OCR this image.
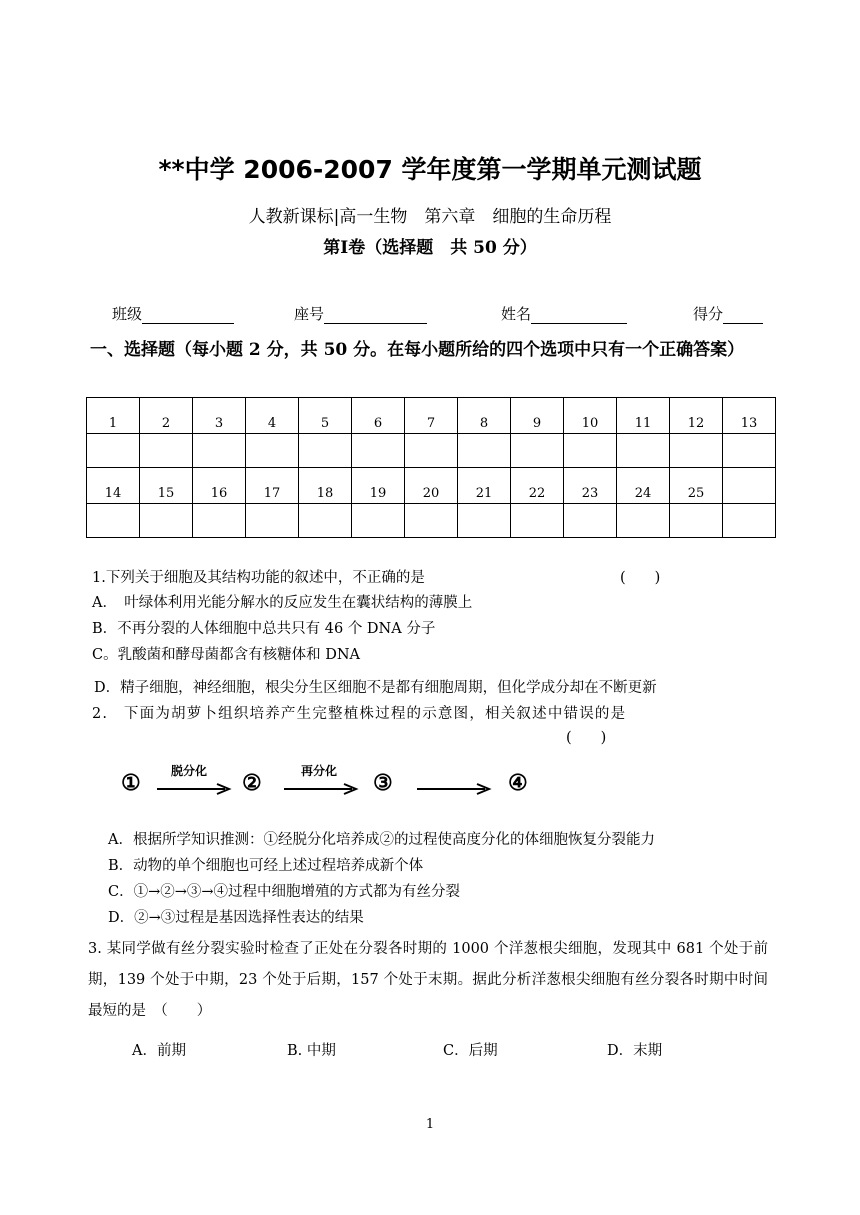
**中学 2006-2007 学年度第一学期单元测试题
人教新课标|高一生物　第六章　细胞的生命历程
第Ⅰ卷（选择题　共 50 分）
班级	座号	姓名	得分
一、选择题（每小题 2 分，共 50 分。在每小题所给的四个选项中只有一个正确答案）
1	2	3	4	5	6	7	8	9	10	11	12	13

14	15	16	17	18	19	20	21	22	23	24	25	

1.下列关于细胞及其结构功能的叙述中，不正确的是	(　　)
A．　叶绿体利用光能分解水的反应发生在囊状结构的薄膜上
B．不再分裂的人体细胞中总共只有 46 个 DNA 分子
C。乳酸菌和酵母菌都含有核糖体和 DNA
D．精子细胞，神经细胞，根尖分生区细胞不是都有细胞周期，但化学成分却在不断更新
2.　下面为胡萝卜组织培养产生完整植株过程的示意图，相关叙述中错误的是
(　　)
①	脱分化 ②	再分化 ③	④
A．根据所学知识推测：①经脱分化培养成②的过程使高度分化的体细胞恢复分裂能力
B．动物的单个细胞也可经上述过程培养成新个体
C．①→②→③→④过程中细胞增殖的方式都为有丝分裂
D．②→③过程是基因选择性表达的结果
3. 某同学做有丝分裂实验时检查了正处在分裂各时期的 1000 个洋葱根尖细胞，发现其中 681 个处于前期，139 个处于中期，23 个处于后期，157 个处于末期。据此分析洋葱根尖细胞有丝分裂各时期中时间最短的是　（　　）
A．前期	B. 中期	C．后期	D．末期
1
